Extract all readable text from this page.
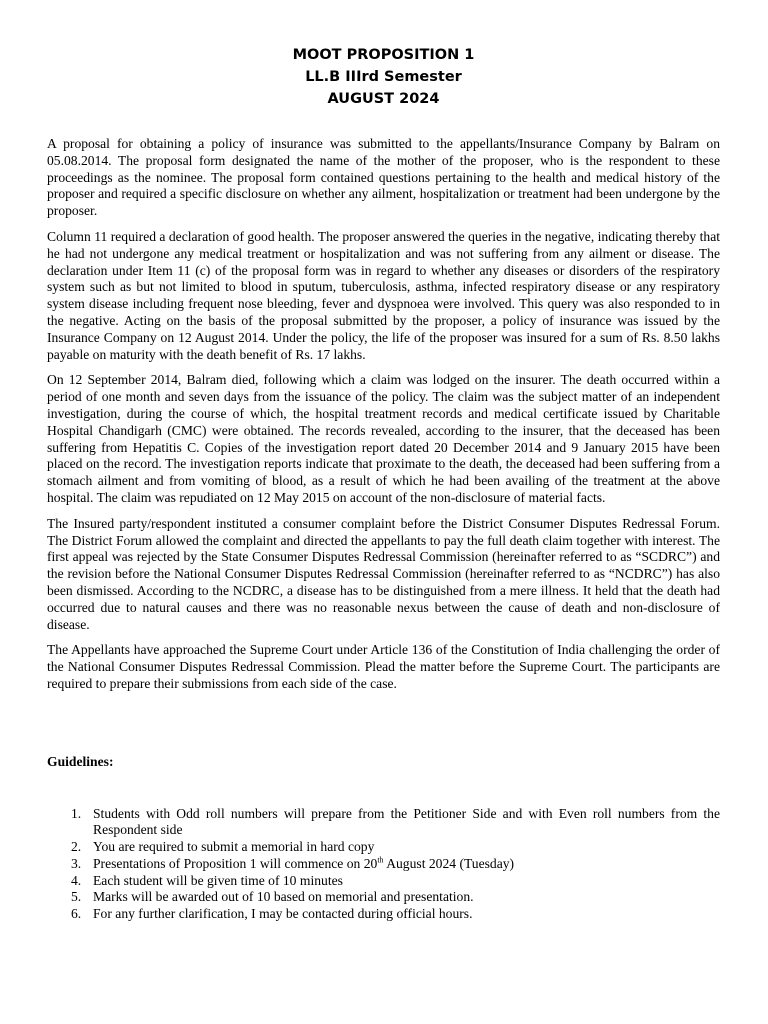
MOOT PROPOSITION 1
LL.B IIIrd Semester
AUGUST 2024

A proposal for obtaining a policy of insurance was submitted to the appellants/Insurance Company by Balram on 05.08.2014. The proposal form designated the name of the mother of the proposer, who is the respondent to these proceedings as the nominee. The proposal form contained questions pertaining to the health and medical history of the proposer and required a specific disclosure on whether any ailment, hospitalization or treatment had been undergone by the proposer.

Column 11 required a declaration of good health. The proposer answered the queries in the negative, indicating thereby that he had not undergone any medical treatment or hospitalization and was not suffering from any ailment or disease. The declaration under Item 11 (c) of the proposal form was in regard to whether any diseases or disorders of the respiratory system such as but not limited to blood in sputum, tuberculosis, asthma, infected respiratory disease or any respiratory system disease including frequent nose bleeding, fever and dyspnoea were involved. This query was also responded to in the negative. Acting on the basis of the proposal submitted by the proposer, a policy of insurance was issued by the Insurance Company on 12 August 2014. Under the policy, the life of the proposer was insured for a sum of Rs. 8.50 lakhs payable on maturity with the death benefit of Rs. 17 lakhs.

On 12 September 2014, Balram died, following which a claim was lodged on the insurer. The death occurred within a period of one month and seven days from the issuance of the policy. The claim was the subject matter of an independent investigation, during the course of which, the hospital treatment records and medical certificate issued by Charitable Hospital Chandigarh (CMC) were obtained. The records revealed, according to the insurer, that the deceased has been suffering from Hepatitis C. Copies of the investigation report dated 20 December 2014 and 9 January 2015 have been placed on the record. The investigation reports indicate that proximate to the death, the deceased had been suffering from a stomach ailment and from vomiting of blood, as a result of which he had been availing of the treatment at the above hospital. The claim was repudiated on 12 May 2015 on account of the non-disclosure of material facts.

The Insured party/respondent instituted a consumer complaint before the District Consumer Disputes Redressal Forum. The District Forum allowed the complaint and directed the appellants to pay the full death claim together with interest. The first appeal was rejected by the State Consumer Disputes Redressal Commission (hereinafter referred to as “SCDRC”) and the revision before the National Consumer Disputes Redressal Commission (hereinafter referred to as “NCDRC”) has also been dismissed. According to the NCDRC, a disease has to be distinguished from a mere illness. It held that the death had occurred due to natural causes and there was no reasonable nexus between the cause of death and non-disclosure of disease.

The Appellants have approached the Supreme Court under Article 136 of the Constitution of India challenging the order of the National Consumer Disputes Redressal Commission. Plead the matter before the Supreme Court. The participants are required to prepare their submissions from each side of the case.

Guidelines:
1. Students with Odd roll numbers will prepare from the Petitioner Side and with Even roll numbers from the Respondent side
2. You are required to submit a memorial in hard copy
3. Presentations of Proposition 1 will commence on 20th August 2024 (Tuesday)
4. Each student will be given time of 10 minutes
5. Marks will be awarded out of 10 based on memorial and presentation.
6. For any further clarification, I may be contacted during official hours.
